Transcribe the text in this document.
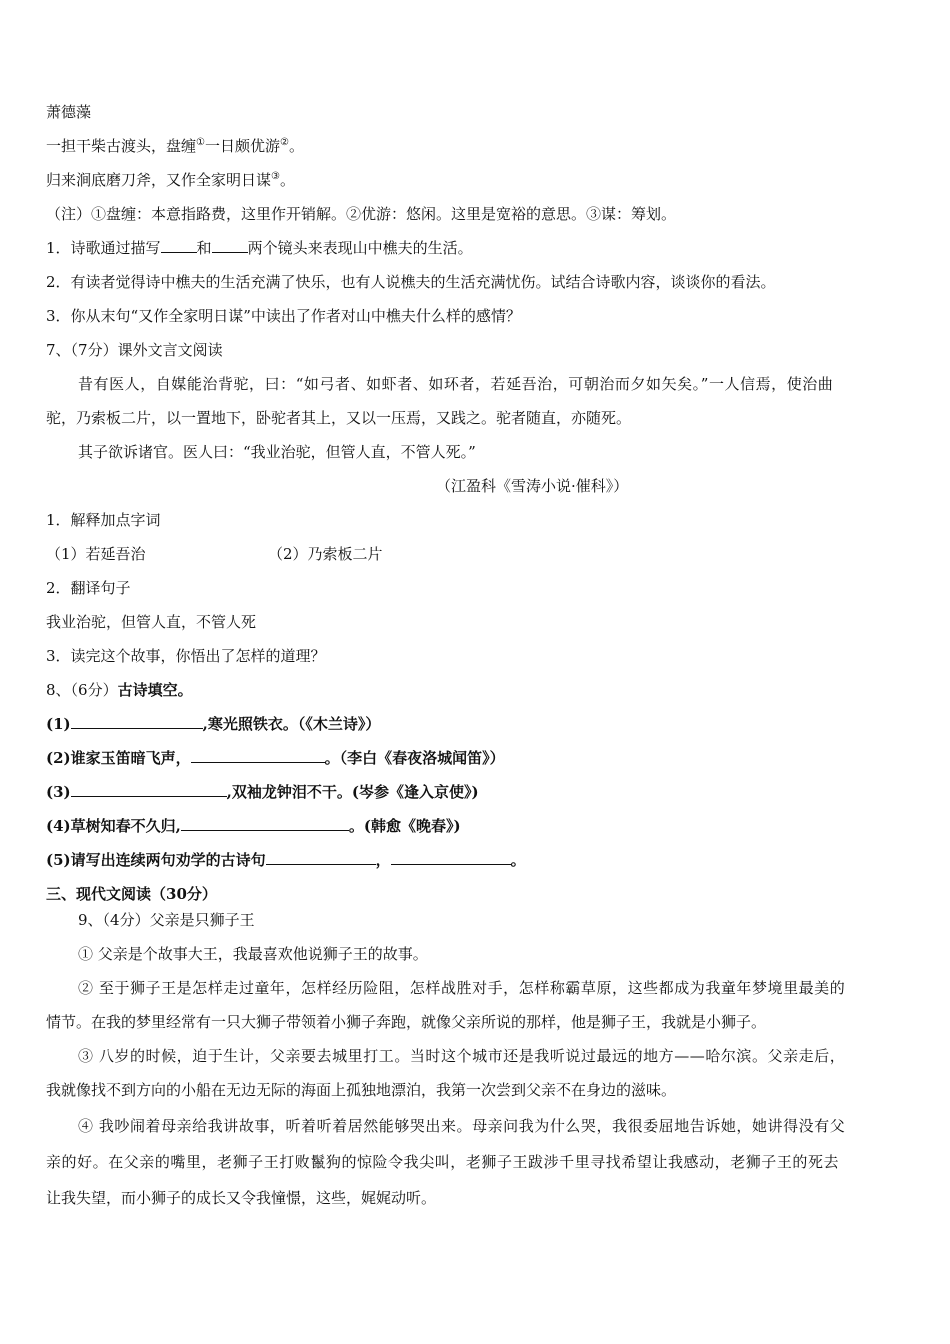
萧德藻
一担干柴古渡头，盘缠①一日颇优游②。
归来涧底磨刀斧，又作全家明日谋③。
（注）①盘缠：本意指路费，这里作开销解。②优游：悠闲。这里是宽裕的意思。③谋：筹划。
1．诗歌通过描写 和 两个镜头来表现山中樵夫的生活。
2．有读者觉得诗中樵夫的生活充满了快乐，也有人说樵夫的生活充满忧伤。试结合诗歌内容，谈谈你的看法。
3．你从末句“又作全家明日谋”中读出了作者对山中樵夫什么样的感情？
7、（7分）课外文言文阅读
昔有医人，自媒能治背驼，曰：“如弓者、如虾者、如环者，若延吾治，可朝治而夕如矢矣。”一人信焉，使治曲
驼，乃索板二片，以一置地下，卧驼者其上，又以一压焉，又践之。驼者随直，亦随死。
其子欲诉诸官。医人曰：“我业治驼，但管人直，不管人死。”
（江盈科《雪涛小说·催科》）
1．解释加点字词
（1）若延吾治	（2）乃索板二片
2．翻译句子
我业治驼，但管人直，不管人死
3．读完这个故事，你悟出了怎样的道理？
8、（6分）古诗填空。
(1)	,寒光照铁衣。（《木兰诗》）
(2)谁家玉笛暗飞声，	。（李白《春夜洛城闻笛》）
(3)	,双袖龙钟泪不干。(岑参《逢入京使》)
(4)草树知春不久归,	。(韩愈《晚春》)
(5)请写出连续两句劝学的古诗句	，	。
三、现代文阅读（30分）
9、（4分）父亲是只狮子王
① 父亲是个故事大王，我最喜欢他说狮子王的故事。
② 至于狮子王是怎样走过童年，怎样经历险阻，怎样战胜对手，怎样称霸草原，这些都成为我童年梦境里最美的
情节。在我的梦里经常有一只大狮子带领着小狮子奔跑，就像父亲所说的那样，他是狮子王，我就是小狮子。
③ 八岁的时候，迫于生计，父亲要去城里打工。当时这个城市还是我听说过最远的地方——哈尔滨。父亲走后，
我就像找不到方向的小船在无边无际的海面上孤独地漂泊，我第一次尝到父亲不在身边的滋味。
④ 我吵闹着母亲给我讲故事，听着听着居然能够哭出来。母亲问我为什么哭，我很委屈地告诉她，她讲得没有父
亲的好。在父亲的嘴里，老狮子王打败鬣狗的惊险令我尖叫，老狮子王跋涉千里寻找希望让我感动，老狮子王的死去
让我失望，而小狮子的成长又令我憧憬，这些，娓娓动听。
